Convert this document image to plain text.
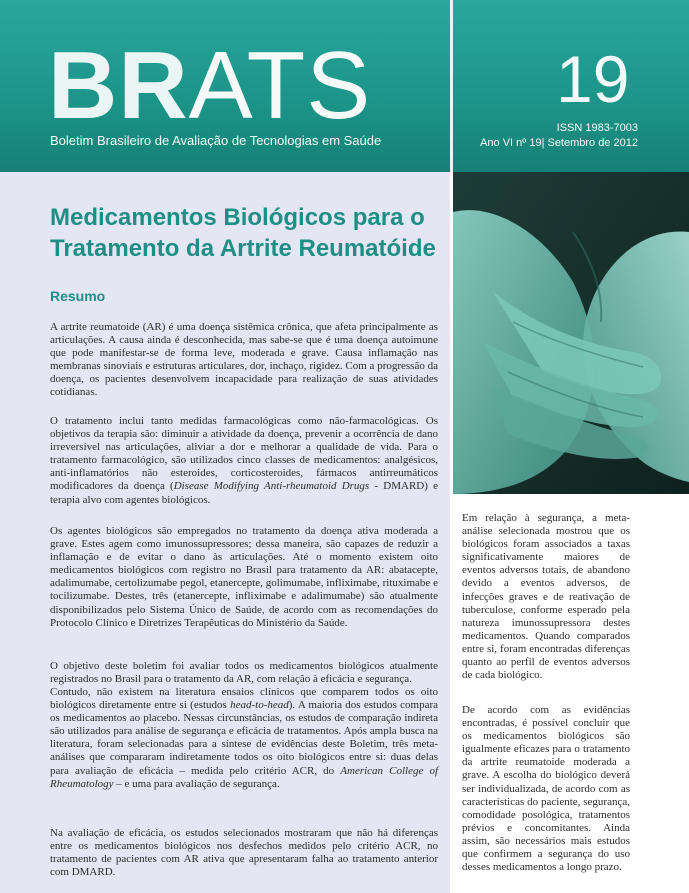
BRATS
Boletim Brasileiro de Avaliação de Tecnologias em Saúde
19
ISSN 1983-7003
Ano VI nº 19| Setembro de 2012
Medicamentos Biológicos para o
Tratamento da Artrite Reumatóide
Resumo

A artrite reumatoide (AR) é uma doença sistêmica crônica, que afeta principalmente as articulações. A causa ainda é desconhecida, mas sabe-se que é uma doença autoimune que pode manifestar-se de forma leve, moderada e grave. Causa inflamação nas membranas sinoviais e estruturas articulares, dor, inchaço, rigidez. Com a progressão da doença, os pacientes desenvolvem incapacidade para realização de suas atividades cotidianas.

O tratamento inclui tanto medidas farmacológicas como não-farmacológicas. Os objetivos da terapia são: diminuir a atividade da doença, prevenir a ocorrência de dano irreversível nas articulações, aliviar a dor e melhorar a qualidade de vida. Para o tratamento farmacológico, são utilizados cinco classes de medicamentos: analgésicos, anti-inflamatórios não esteroides, corticosteroides, fármacos antirreumáticos modificadores da doença (Disease Modifying Anti-rheumatoid Drugs - DMARD) e terapia alvo com agentes biológicos.

Os agentes biológicos são empregados no tratamento da doença ativa moderada a grave. Estes agem como imunossupressores; dessa maneira, são capazes de reduzir a inflamação e de evitar o dano às articulações. Até o momento existem oito medicamentos biológicos com registro no Brasil para tratamento da AR: abatacepte, adalimumabe, certolizumabe pegol, etanercepte, golimumabe, infliximabe, rituximabe e tocilizumabe. Destes, três (etanercepte, infliximabe e adalimumabe) são atualmente disponibilizados pelo Sistema Único de Saúde, de acordo com as recomendações do Protocolo Clínico e Diretrizes Terapêuticas do Ministério da Saúde.

O objetivo deste boletim foi avaliar todos os medicamentos biológicos atualmente registrados no Brasil para o tratamento da AR, com relação à eficácia e segurança.

Contudo, não existem na literatura ensaios clínicos que comparem todos os oito biológicos diretamente entre si (estudos head-to-head). A maioria dos estudos compara os medicamentos ao placebo. Nessas circunstâncias, os estudos de comparação indireta são utilizados para análise de segurança e eficácia de tratamentos. Após ampla busca na literatura, foram selecionadas para a síntese de evidências deste Boletim, três meta-análises que compararam indiretamente todos os oito biológicos entre si: duas delas para avaliação de eficácia – medida pelo critério ACR, do American College of Rheumatology – e uma para avaliação de segurança.

Na avaliação de eficácia, os estudos selecionados mostraram que não há diferenças entre os medicamentos biológicos nos desfechos medidos pelo critério ACR, no tratamento de pacientes com AR ativa que apresentaram falha ao tratamento anterior com DMARD.

Em relação à segurança, a meta-análise selecionada mostrou que os biológicos foram associados a taxas significativamente maiores de eventos adversos totais, de abandono devido a eventos adversos, de infecções graves e de reativação de tuberculose, conforme esperado pela natureza imunossupressora destes medicamentos. Quando comparados entre si, foram encontradas diferenças quanto ao perfil de eventos adversos de cada biológico.

De acordo com as evidências encontradas, é possível concluir que os medicamentos biológicos são igualmente eficazes para o tratamento da artrite reumatoide moderada a grave. A escolha do biológico deverá ser individualizada, de acordo com as características do paciente, segurança, comodidade posológica, tratamentos prévios e concomitantes. Ainda assim, são necessários mais estudos que confirmem a segurança do uso desses medicamentos a longo prazo.
